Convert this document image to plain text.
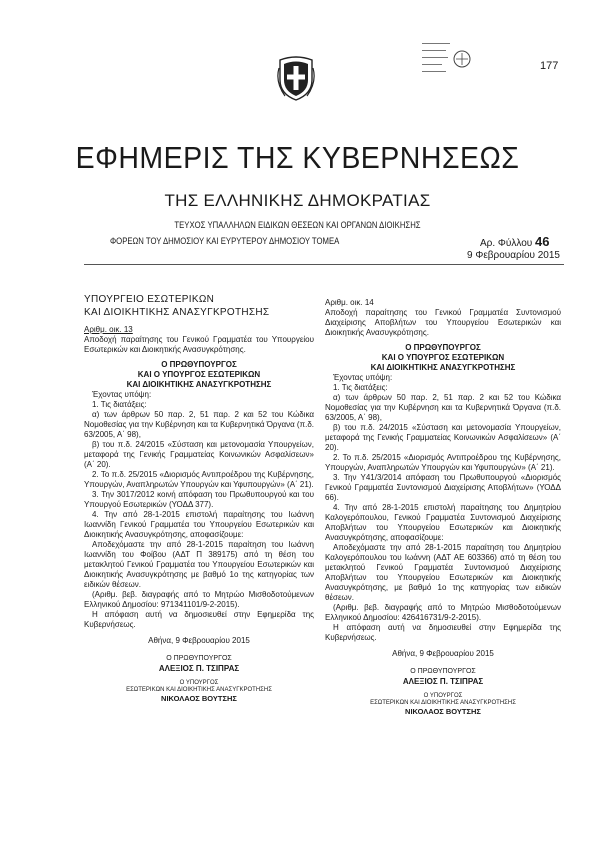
177
ΕΦΗΜΕΡΙΣ ΤΗΣ ΚΥΒΕΡΝΗΣΕΩΣ
ΤΗΣ ΕΛΛΗΝΙΚΗΣ ΔΗΜΟΚΡΑΤΙΑΣ
ΤΕΥΧΟΣ ΥΠΑΛΛΗΛΩΝ ΕΙΔΙΚΩΝ ΘΕΣΕΩΝ ΚΑΙ ΟΡΓΑΝΩΝ ΔΙΟΙΚΗΣΗΣ
ΦΟΡΕΩΝ ΤΟΥ ΔΗΜΟΣΙΟΥ ΚΑΙ ΕΥΡΥΤΕΡΟΥ ΔΗΜΟΣΙΟΥ ΤΟΜΕΑ	Αρ. Φύλλου 46
9 Φεβρουαρίου 2015

ΥΠΟΥΡΓΕΙΟ ΕΣΩΤΕΡΙΚΩΝ
ΚΑΙ ΔΙΟΙΚΗΤΙΚΗΣ ΑΝΑΣΥΓΚΡΟΤΗΣΗΣ

Αριθμ. οικ. 13

Αποδοχή παραίτησης του Γενικού Γραμματέα του Υπουργείου Εσωτερικών και Διοικητικής Ανασυγκρότησης.

Ο ΠΡΩΘΥΠΟΥΡΓΟΣ
ΚΑΙ Ο ΥΠΟΥΡΓΟΣ ΕΣΩΤΕΡΙΚΩΝ
ΚΑΙ ΔΙΟΙΚΗΤΙΚΗΣ ΑΝΑΣΥΓΚΡΟΤΗΣΗΣ

Έχοντας υπόψη:

1. Τις διατάξεις:

α) των άρθρων 50 παρ. 2, 51 παρ. 2 και 52 του Κώδικα Νομοθεσίας για την Κυβέρνηση και τα Κυβερνητικά Όργανα (π.δ. 63/2005, Α΄ 98),

β) του π.δ. 24/2015 «Σύσταση και μετονομασία Υπουργείων, μεταφορά της Γενικής Γραμματείας Κοινωνικών Ασφαλίσεων» (Α΄ 20).

2. Το π.δ. 25/2015 «Διορισμός Αντιπροέδρου της Κυβέρνησης, Υπουργών, Αναπληρωτών Υπουργών και Υφυπουργών» (Α΄ 21).

3. Την 3017/2012 κοινή απόφαση του Πρωθυπουργού και του Υπουργού Εσωτερικών (ΥΟΔΔ 377).

4. Την από 28-1-2015 επιστολή παραίτησης του Ιωάννη Ιωαννίδη Γενικού Γραμματέα του Υπουργείου Εσωτερικών και Διοικητικής Ανασυγκρότησης, αποφασίζουμε:

Αποδεχόμαστε την από 28-1-2015 παραίτηση του Ιωάννη Ιωαννίδη του Φοίβου (ΑΔΤ Π 389175) από τη θέση του μετακλητού Γενικού Γραμματέα του Υπουργείου Εσωτερικών και Διοικητικής Ανασυγκρότησης με βαθμό 1ο της κατηγορίας των ειδικών θέσεων.

(Αριθμ. βεβ. διαγραφής από το Μητρώο Μισθοδοτούμενων Ελληνικού Δημοσίου: 971341101/9-2-2015).

Η απόφαση αυτή να δημοσιευθεί στην Εφημερίδα της Κυβερνήσεως.

Αθήνα, 9 Φεβρουαρίου 2015

Ο ΠΡΩΘΥΠΟΥΡΓΟΣ

ΑΛΕΞΙΟΣ Π. ΤΣΙΠΡΑΣ

Ο ΥΠΟΥΡΓΟΣ
ΕΣΩΤΕΡΙΚΩΝ ΚΑΙ ΔΙΟΙΚΗΤΙΚΗΣ ΑΝΑΣΥΓΚΡΟΤΗΣΗΣ

ΝΙΚΟΛΑΟΣ ΒΟΥΤΣΗΣ

Αριθμ. οικ. 14

Αποδοχή παραίτησης του Γενικού Γραμματέα Συντονισμού Διαχείρισης Αποβλήτων του Υπουργείου Εσωτερικών και Διοικητικής Ανασυγκρότησης.

Ο ΠΡΩΘΥΠΟΥΡΓΟΣ
ΚΑΙ Ο ΥΠΟΥΡΓΟΣ ΕΣΩΤΕΡΙΚΩΝ
ΚΑΙ ΔΙΟΙΚΗΤΙΚΗΣ ΑΝΑΣΥΓΚΡΟΤΗΣΗΣ

Έχοντας υπόψη:

1. Τις διατάξεις:

α) των άρθρων 50 παρ. 2, 51 παρ. 2 και 52 του Κώδικα Νομοθεσίας για την Κυβέρνηση και τα Κυβερνητικά Όργανα (π.δ. 63/2005, Α΄ 98),

β) του π.δ. 24/2015 «Σύσταση και μετονομασία Υπουργείων, μεταφορά της Γενικής Γραμματείας Κοινωνικών Ασφαλίσεων» (Α΄ 20).

2. Το π.δ. 25/2015 «Διορισμός Αντιπροέδρου της Κυβέρνησης, Υπουργών, Αναπληρωτών Υπουργών και Υφυπουργών» (Α΄ 21).

3. Την Υ41/3/2014 απόφαση του Πρωθυπουργού «Διορισμός Γενικού Γραμματέα Συντονισμού Διαχείρισης Αποβλήτων» (ΥΟΔΔ 66).

4. Την από 28-1-2015 επιστολή παραίτησης του Δημητρίου Καλογερόπουλου, Γενικού Γραμματέα Συντονισμού Διαχείρισης Αποβλήτων του Υπουργείου Εσωτερικών και Διοικητικής Ανασυγκρότησης, αποφασίζουμε:

Αποδεχόμαστε την από 28-1-2015 παραίτηση του Δημητρίου Καλογερόπουλου του Ιωάννη (ΑΔΤ ΑΕ 603366) από τη θέση του μετακλητού Γενικού Γραμματέα Συντονισμού Διαχείρισης Αποβλήτων του Υπουργείου Εσωτερικών και Διοικητικής Ανασυγκρότησης, με βαθμό 1ο της κατηγορίας των ειδικών θέσεων.

(Αριθμ. βεβ. διαγραφής από το Μητρώο Μισθοδοτούμενων Ελληνικού Δημοσίου: 426416731/9-2-2015).

Η απόφαση αυτή να δημοσιευθεί στην Εφημερίδα της Κυβερνήσεως.

Αθήνα, 9 Φεβρουαρίου 2015

Ο ΠΡΩΘΥΠΟΥΡΓΟΣ

ΑΛΕΞΙΟΣ Π. ΤΣΙΠΡΑΣ

Ο ΥΠΟΥΡΓΟΣ
ΕΣΩΤΕΡΙΚΩΝ ΚΑΙ ΔΙΟΙΚΗΤΙΚΗΣ ΑΝΑΣΥΓΚΡΟΤΗΣΗΣ

ΝΙΚΟΛΑΟΣ ΒΟΥΤΣΗΣ
